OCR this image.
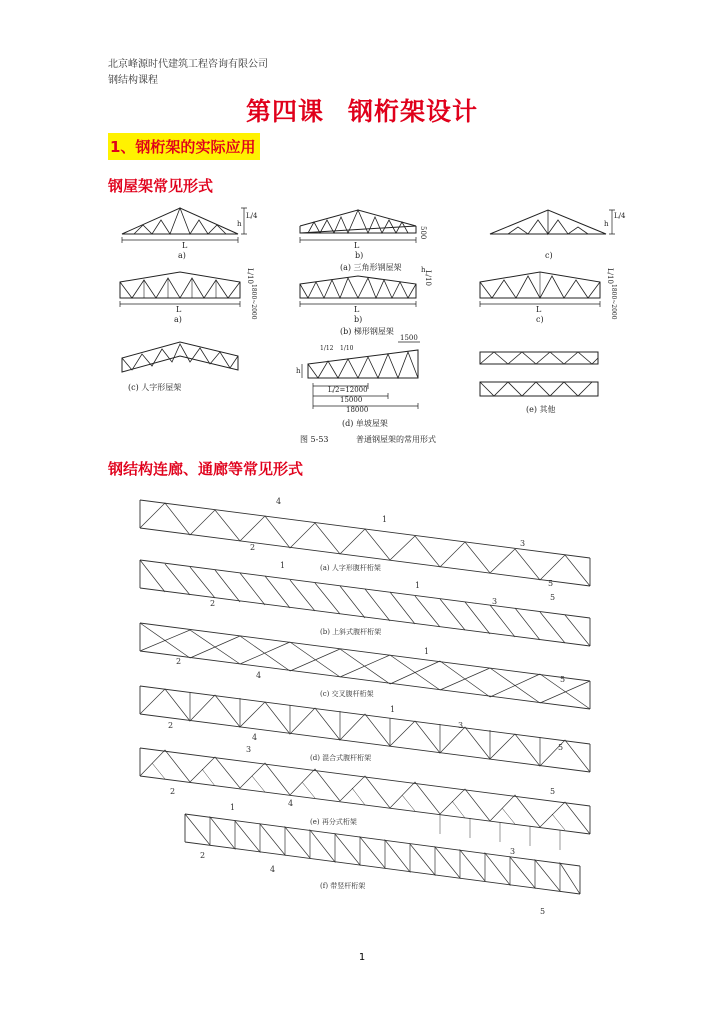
北京峰源时代建筑工程咨询有限公司
钢结构课程
第四课 钢桁架设计
1、钢桁架的实际应用
钢屋架常见形式
钢结构连廊、通廊等常见形式
L
a)
L/4
h
L
b)
500
(a) 三角形钢屋架
c)
L/4
h
L
a)
L/10
1800~2000	L
b)
h
L/10
(b) 梯形钢屋架
L
c)
L/10
1800~2000
(c) 人字形屋架
h
1/12 1/10
1500
L/2=12000
15000
18000
(d) 单坡屋架
(e) 其他
图 5-53	普通钢屋架的常用形式
4
1
2	3
5
(a) 人字形腹杆桁架
1
2
1
3	5
(b) 上斜式腹杆桁架
2
4
1
5
(c) 交叉腹杆桁架
2
4
1
3
5
(d) 混合式腹杆桁架
3
2
4
5
(e) 再分式桁架
1
2
4
3
5
(f) 带竖杆桁架
1
